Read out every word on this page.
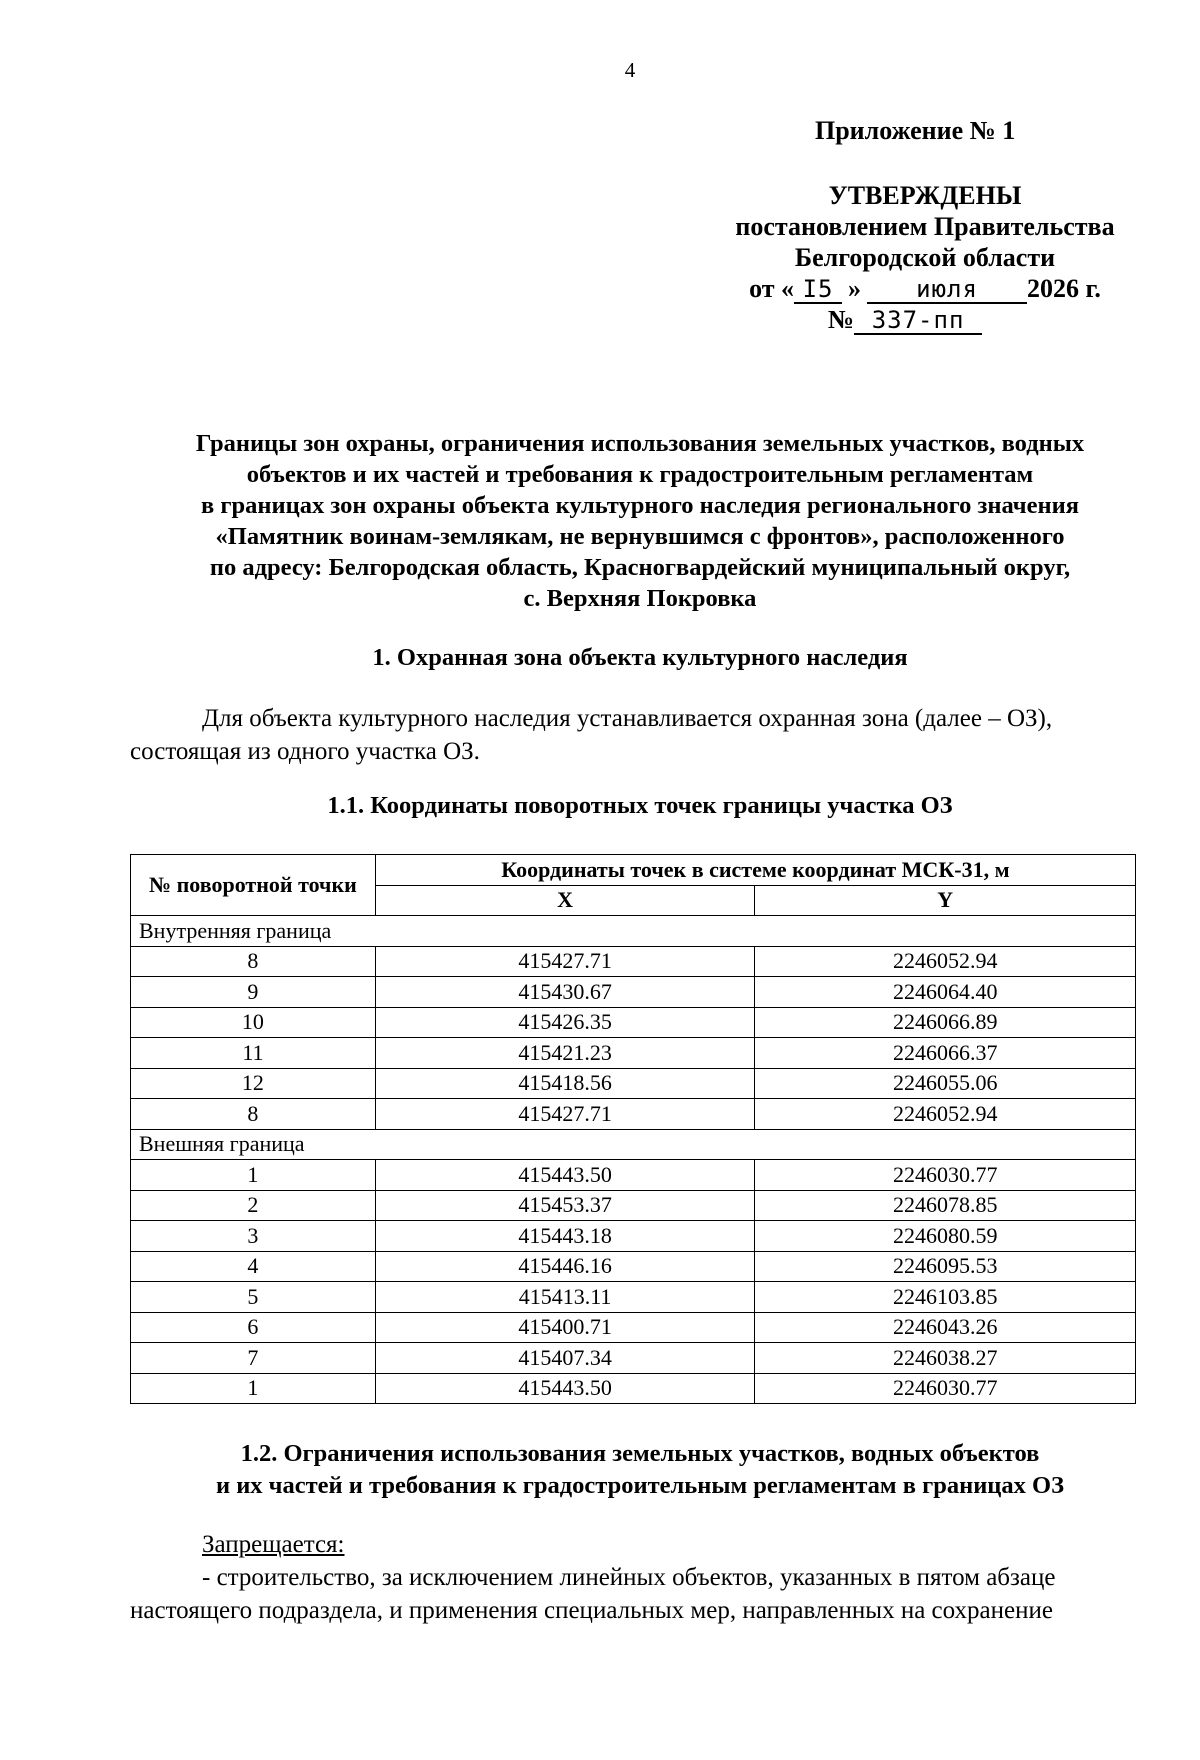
4
Приложение № 1
УТВЕРЖДЕНЫ
постановлением Правительства
Белгородской области
от « I5 »	июля	2026 г.
№ 337-пп
Границы зон охраны, ограничения использования земельных участков, водных
объектов и их частей и требования к градостроительным регламентам
в границах зон охраны объекта культурного наследия регионального значения
«Памятник воинам-землякам, не вернувшимся с фронтов», расположенного
по адресу: Белгородская область, Красногвардейский муниципальный округ,
с. Верхняя Покровка
1. Охранная зона объекта культурного наследия
Для объекта культурного наследия устанавливается охранная зона (далее – ОЗ),
состоящая из одного участка ОЗ.
1.1. Координаты поворотных точек границы участка ОЗ
№ поворотной точки	Координаты точек в системе координат МСК-31, м	
	X	Y
Внутренняя граница		
8	415427.71	2246052.94
9	415430.67	2246064.40
10	415426.35	2246066.89
11	415421.23	2246066.37
12	415418.56	2246055.06
8	415427.71	2246052.94
Внешняя граница		
1	415443.50	2246030.77
2	415453.37	2246078.85
3	415443.18	2246080.59
4	415446.16	2246095.53
5	415413.11	2246103.85
6	415400.71	2246043.26
7	415407.34	2246038.27
1	415443.50	2246030.77
1.2. Ограничения использования земельных участков, водных объектов
и их частей и требования к градостроительным регламентам в границах ОЗ
Запрещается:
- строительство, за исключением линейных объектов, указанных в пятом абзаце
настоящего подраздела, и применения специальных мер, направленных на сохранение
